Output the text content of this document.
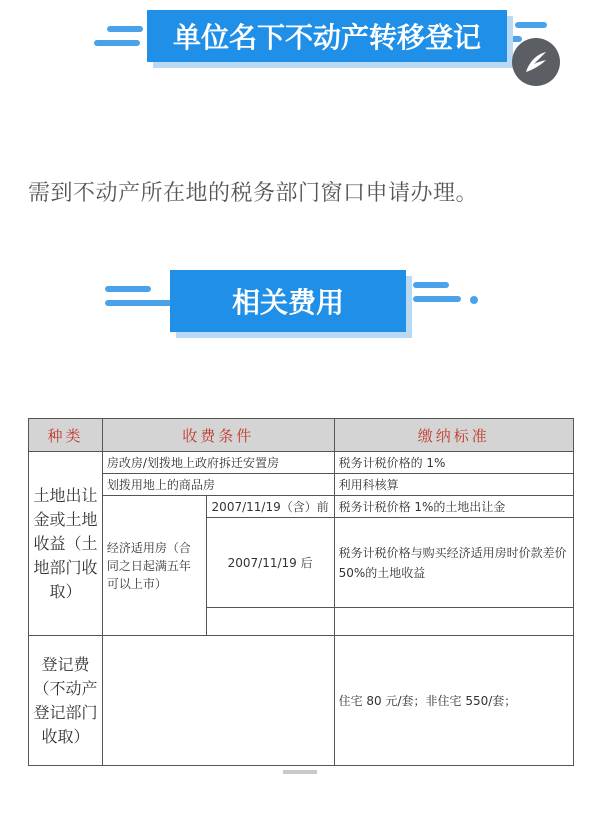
单位名下不动产转移登记
需到不动产所在地的税务部门窗口申请办理。
相关费用
种类	收费条件		缴纳标准
土地出让金或土地收益（土地部门收取）	房改房/划拨地上政府拆迁安置房		税务计税价格的 1%
	划拨用地上的商品房		利用科核算
	经济适用房（合同之日起满五年可以上市）	2007/11/19（含）前	税务计税价格 1%的土地出让金
		2007/11/19 后	税务计税价格与购买经济适用房时价款差价 50%的土地收益

登记费（不动产登记部门收取）			住宅 80 元/套；非住宅 550/套；
